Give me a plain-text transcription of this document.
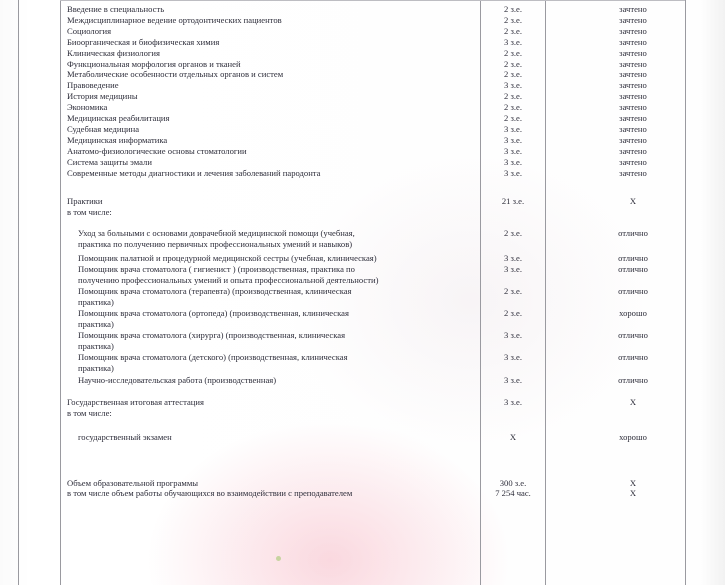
Введение в специальность	2 з.е.	зачтено
Междисциплинарное ведение ортодонтических пациентов	2 з.е.	зачтено
Социология	2 з.е.	зачтено
Биоорганическая и биофизическая химия	3 з.е.	зачтено
Клиническая физиология	2 з.е.	зачтено
Функциональная морфология органов и тканей	2 з.е.	зачтено
Метаболические особенности отдельных органов и систем	2 з.е.	зачтено
Правоведение	3 з.е.	зачтено
История медицины	2 з.е.	зачтено
Экономика	2 з.е.	зачтено
Медицинская реабилитация	2 з.е.	зачтено
Судебная медицина	3 з.е.	зачтено
Медицинская информатика	3 з.е.	зачтено
Анатомо-физиологические основы стоматологии	3 з.е.	зачтено
Система защиты эмали	3 з.е.	зачтено
Современные методы диагностики и лечения заболеваний пародонта	3 з.е.	зачтено
Практики	21 з.е.	Х
в том числе:
Уход за больными с основами доврачебной медицинской помощи (учебная,	2 з.е.	отлично
практика по получению первичных профессиональных умений и навыков)
Помощник палатной и процедурной медицинской сестры (учебная, клиническая)	3 з.е.	отлично
Помощник врача стоматолога ( гигиенист ) (производственная, практика по	3 з.е.	отлично
получению профессиональных умений и опыта профессиональной деятельности)
Помощник врача стоматолога (терапевта) (производственная, клиническая	2 з.е.	отлично
практика)
Помощник врача стоматолога (ортопеда) (производственная, клиническая	2 з.е.	хорошо
практика)
Помощник врача стоматолога (хирурга) (производственная, клиническая	3 з.е.	отлично
практика)
Помощник врача стоматолога (детского) (производственная, клиническая	3 з.е.	отлично
практика)
Научно-исследовательская работа (производственная)	3 з.е.	отлично
Государственная итоговая аттестация	3 з.е.	Х
в том числе:
государственный экзамен	Х	хорошо
Объем образовательной программы	300 з.е.	Х
в том числе объем работы обучающихся во взаимодействии с преподавателем	7 254 час.	Х
